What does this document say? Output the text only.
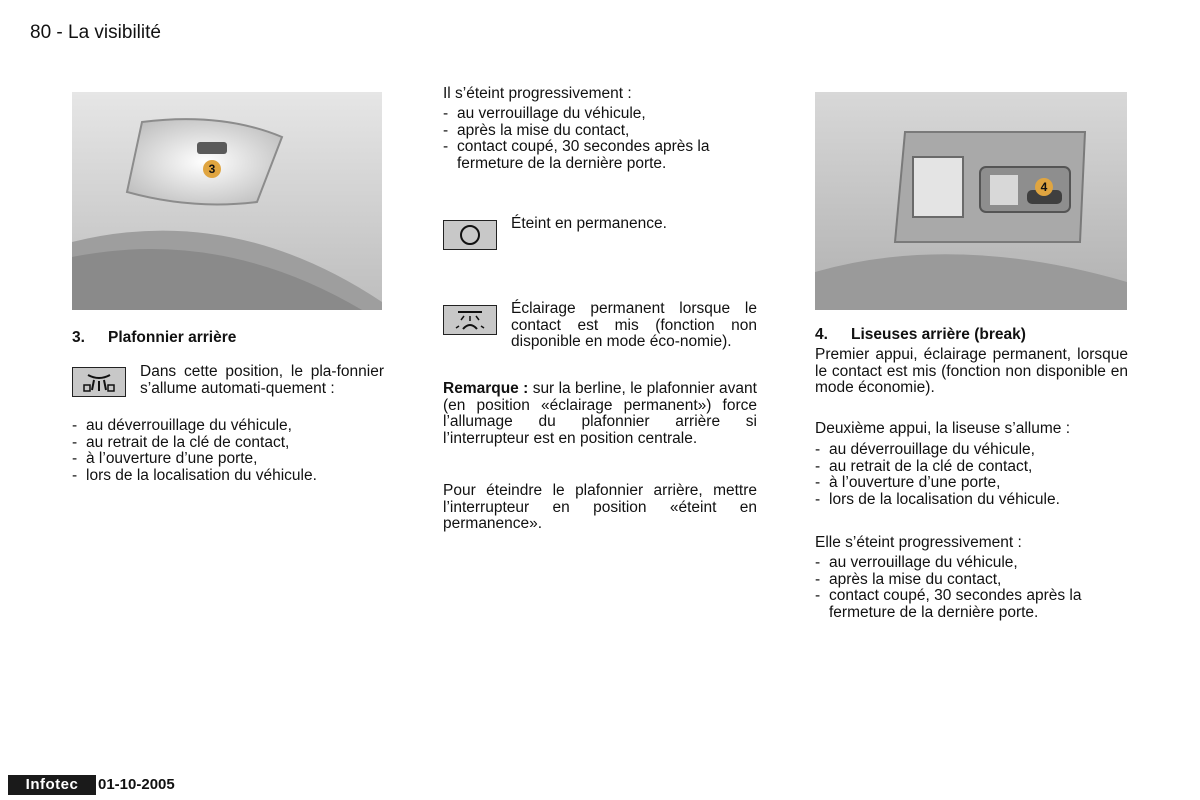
80 - La visibilité
3
3. Plafonnier arrière
Dans cette position, le pla-fonnier s’allume automati-quement :
- au déverrouillage du véhicule,
- au retrait de la clé de contact,
- à l’ouverture d’une porte,
- lors de la localisation du véhicule.
Il s’éteint progressivement :
- au verrouillage du véhicule,
- après la mise du contact,
- contact coupé, 30 secondes après la fermeture de la dernière porte.
Éteint en permanence.
Éclairage permanent lorsque le contact est mis (fonction non disponible en mode éco-nomie).
Remarque : sur la berline, le plafonnier avant (en position «éclairage permanent») force l’allumage du plafonnier arrière si l’interrupteur est en position centrale.
Pour éteindre le plafonnier arrière, mettre l’interrupteur en position «éteint en permanence».
4
4. Liseuses arrière (break)
Premier appui, éclairage permanent, lorsque le contact est mis (fonction non disponible en mode économie).
Deuxième appui, la liseuse s’allume :
- au déverrouillage du véhicule,
- au retrait de la clé de contact,
- à l’ouverture d’une porte,
- lors de la localisation du véhicule.
Elle s’éteint progressivement :
- au verrouillage du véhicule,
- après la mise du contact,
- contact coupé, 30 secondes après la fermeture de la dernière porte.
Infotec	01-10-2005
